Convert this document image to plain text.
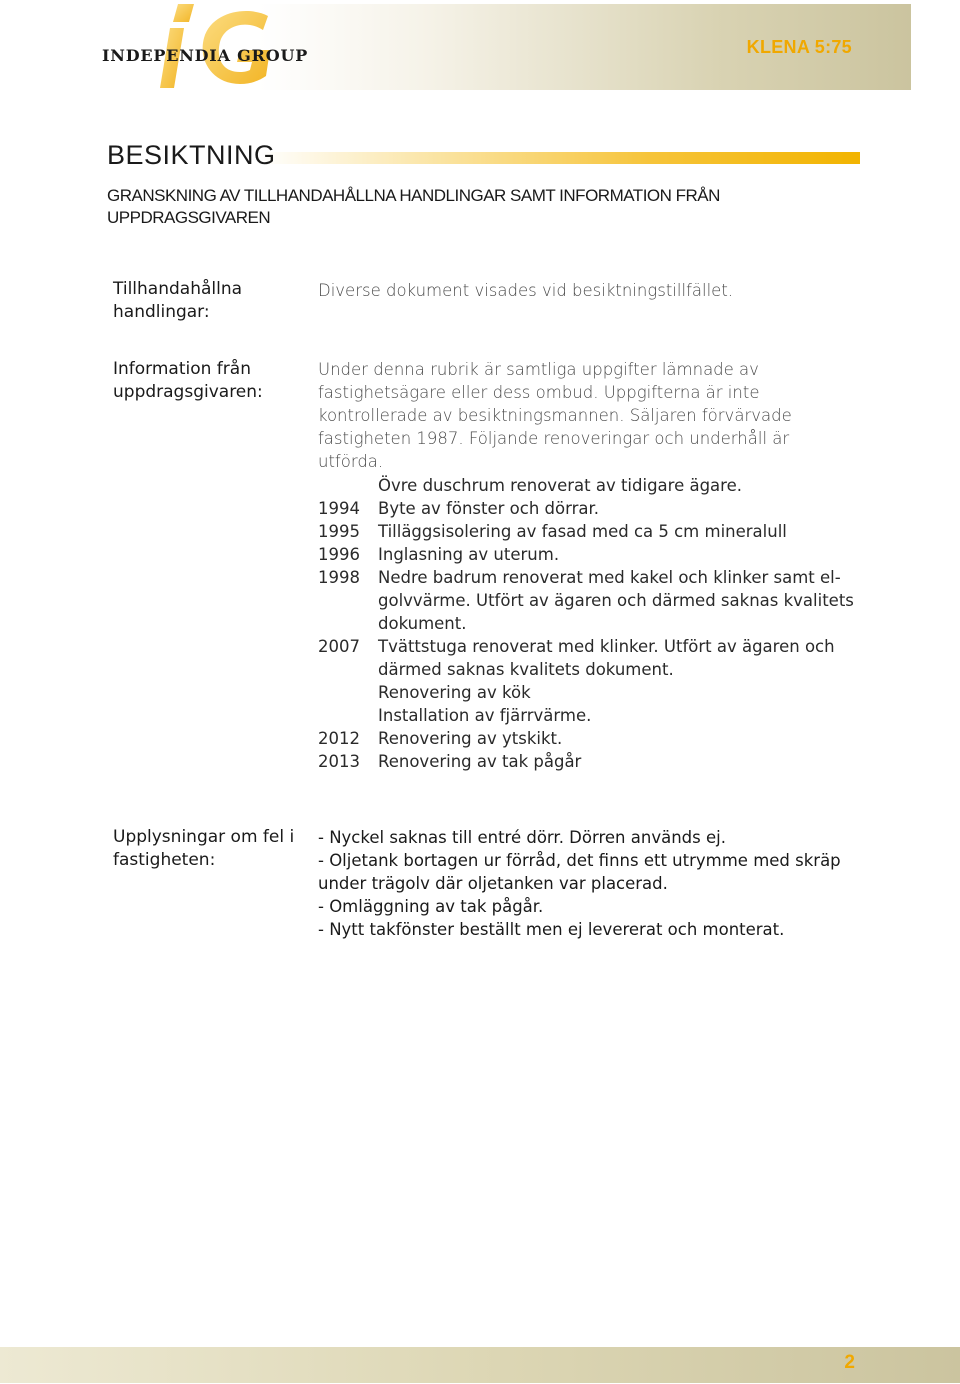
INDEPENDIA GROUP	KLENA 5:75
BESIKTNING
GRANSKNING AV TILLHANDAHÅLLNA HANDLINGAR SAMT INFORMATION FRÅN UPPDRAGSGIVAREN
Tillhandahållna handlingar:
Diverse dokument visades vid besiktningstillfället.
Information från uppdragsgivaren:
Under denna rubrik är samtliga uppgifter lämnade av fastighetsägare eller dess ombud. Uppgifterna är inte kontrollerade av besiktningsmannen. Säljaren förvärvade fastigheten 1987. Följande renoveringar och underhåll är utförda.
Övre duschrum renoverat av tidigare ägare.
1994	Byte av fönster och dörrar.
1995	Tilläggsisolering av fasad med ca 5 cm mineralull
1996	Inglasning av uterum.
1998	Nedre badrum renoverat med kakel och klinker samt el-golvvärme. Utfört av ägaren och därmed saknas kvalitets dokument.
2007	Tvättstuga renoverat med klinker. Utfört av ägaren och därmed saknas kvalitets dokument.
Renovering av kök
Installation av fjärrvärme.
2012	Renovering av ytskikt.
2013	Renovering av tak pågår
Upplysningar om fel i fastigheten:
- Nyckel saknas till entré dörr. Dörren används ej.
- Oljetank bortagen ur förråd, det finns ett utrymme med skräp under trägolv där oljetanken var placerad.
- Omläggning av tak pågår.
- Nytt takfönster beställt men ej levererat och monterat.
2
